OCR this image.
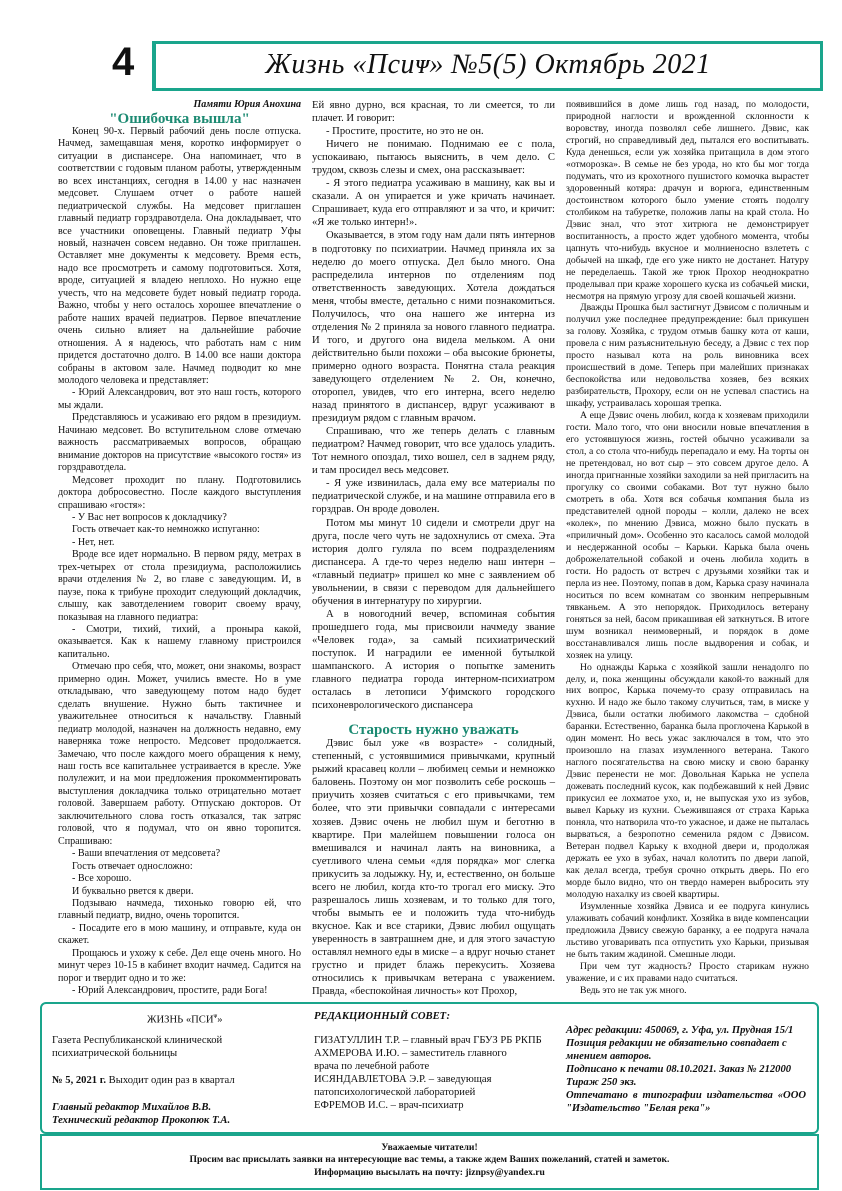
4	Жизнь «Псиᴪ» №5(5) Октябрь 2021
Памяти Юрия Анохина

"Ошибочка вышла"

Конец 90-х. Первый рабочий день после отпуска. Начмед, замещавшая меня, коротко информирует о ситуации в диспансере. Она напоминает, что в соответствии с годовым планом работы, утвержденным во всех инстанциях, сегодня в 14.00 у нас назначен медсовет. Слушаем отчет о работе нашей педиатрической службы. На медсовет приглашен главный педиатр горздравотдела. Она докладывает, что все участники оповещены. Главный педиатр Уфы новый, назначен совсем недавно. Он тоже приглашен. Оставляет мне документы к медсовету. Время есть, надо все просмотреть и самому подготовиться. Хотя, вроде, ситуацией я владею неплохо. Но нужно еще учесть, что на медсовете будет новый педиатр города. Важно, чтобы у него осталось хорошее впечатление о работе наших врачей педиатров. Первое впечатление очень сильно влияет на дальнейшие рабочие отношения. А я надеюсь, что работать нам с ним придется достаточно долго. В 14.00 все наши доктора собраны в актовом зале. Начмед подводит ко мне молодого человека и представляет:

- Юрий Александрович, вот это наш гость, которого мы ждали.

Представляюсь и усаживаю его рядом в президиум. Начинаю медсовет. Во вступительном слове отмечаю важность рассматриваемых вопросов, обращаю внимание докторов на присутствие «высокого гостя» из горздравотдела.

Медсовет проходит по плану. Подготовились доктора добросовестно. После каждого выступления спрашиваю «гостя»:

- У Вас нет вопросов к докладчику?

Гость отвечает как-то немножко испуганно:

- Нет, нет.

Вроде все идет нормально. В первом ряду, метрах в трех-четырех от стола президиума, расположились врачи отделения № 2, во главе с заведующим. И, в паузе, пока к трибуне проходит следующий докладчик, слышу, как завотделением говорит своему врачу, показывая на главного педиатра:

- Смотри, тихий, тихий, а проныра какой, оказывается. Как к нашему главному пристроился капитально.

Отмечаю про себя, что, может, они знакомы, возраст примерно один. Может, учились вместе. Но в уме откладываю, что заведующему потом надо будет сделать внушение. Нужно быть тактичнее и уважительнее относиться к начальству. Главный педиатр молодой, назначен на должность недавно, ему наверняка тоже непросто. Медсовет продолжается. Замечаю, что после каждого моего обращения к нему, наш гость все капитальнее устраивается в кресле. Уже полулежит, и на мои предложения прокомментировать выступления докладчика только отрицательно мотает головой. Завершаем работу. Отпускаю докторов. От заключительного слова гость отказался, так затряс головой, что я подумал, что он явно торопится. Спрашиваю:

- Ваши впечатления от медсовета?

Гость отвечает односложно:

- Все хорошо.

И буквально рвется к двери.

Подзываю начмеда, тихонько говорю ей, что главный педиатр, видно, очень торопится.

- Посадите его в мою машину, и отправьте, куда он скажет.

Прощаюсь и ухожу к себе. Дел еще очень много. Но минут через 10-15 в кабинет входит начмед. Садится на порог и твердит одно и то же:

- Юрий Александрович, простите, ради Бога!

Ей явно дурно, вся красная, то ли смеется, то ли плачет. И говорит:

- Простите, простите, но это не он.

Ничего не понимаю. Поднимаю ее с пола, успокаиваю, пытаюсь выяснить, в чем дело. С трудом, сквозь слезы и смех, она рассказывает:

- Я этого педиатра усаживаю в машину, как вы и сказали. А он упирается и уже кричать начинает. Спрашивает, куда его отправляют и за что, и кричит: «Я же только интерн!».

Оказывается, в этом году нам дали пять интернов в подготовку по психиатрии. Начмед приняла их за неделю до моего отпуска. Дел было много. Она распределила интернов по отделениям под ответственность заведующих. Хотела дождаться меня, чтобы вместе, детально с ними познакомиться. Получилось, что она нашего же интерна из отделения № 2 приняла за нового главного педиатра. И того, и другого она видела мельком. А они действительно были похожи – оба высокие брюнеты, примерно одного возраста. Понятна стала реакция заведующего отделением № 2. Он, конечно, оторопел, увидев, что его интерна, всего неделю назад принятого в диспансер, вдруг усаживают в президиум рядом с главным врачом.

Спрашиваю, что же теперь делать с главным педиатром? Начмед говорит, что все удалось уладить. Тот немного опоздал, тихо вошел, сел в заднем ряду, и там просидел весь медсовет.

- Я уже извинилась, дала ему все материалы по педиатрической службе, и на машине отправила его в горздрав. Он вроде доволен.

Потом мы минут 10 сидели и смотрели друг на друга, после чего чуть не задохнулись от смеха. Эта история долго гуляла по всем подразделениям диспансера. А где-то через неделю наш интерн – «главный педиатр» пришел ко мне с заявлением об увольнении, в связи с переводом для дальнейшего обучения в интернатуру по хирургии.

А в новогодний вечер, вспоминая события прошедшего года, мы присвоили начмеду звание «Человек года», за самый психиатрический поступок. И наградили ее именной бутылкой шампанского. А история о попытке заменить главного педиатра города интерном-психиатром осталась в летописи Уфимского городского психоневрологического диспансера

Старость нужно уважать

Дэвис был уже «в возрасте» - солидный, степенный, с устоявшимися привычками, крупный рыжий красавец колли – любимец семьи и немножко баловень. Поэтому он мог позволить себе роскошь – приучить хозяев считаться с его привычками, тем более, что эти привычки совпадали с интересами хозяев. Дэвис очень не любил шум и беготню в квартире. При малейшем повышении голоса он вмешивался и начинал лаять на виновника, а суетливого члена семьи «для порядка» мог слегка прикусить за лодыжку. Ну, и, естественно, он больше всего не любил, когда кто-то трогал его миску. Это разрешалось лишь хозяевам, и то только для того, чтобы вымыть ее и положить туда что-нибудь вкусное. Как и все старики, Дэвис любил ощущать уверенность в завтрашнем дне, и для этого зачастую оставлял немного еды в миске – а вдруг ночью станет грустно и придет блажь перекусить. Хозяева относились к привычкам ветерана с уважением. Правда, «беспокойная личность» кот Прохор,

появившийся в доме лишь год назад, по молодости, природной наглости и врожденной склонности к воровству, иногда позволял себе лишнего. Дэвис, как строгий, но справедливый дед, пытался его воспитывать. Куда денешься, если уж хозяйка притащила в дом этого «отморозка». В семье не без урода, но кто бы мог тогда подумать, что из крохотного пушистого комочка вырастет здоровенный котяра: драчун и ворюга, единственным достоинством которого было умение стоять подолгу столбиком на табуретке, положив лапы на край стола. Но Дэвис знал, что этот хитрюга не демонстрирует воспитанность, а просто ждет удобного момента, чтобы цапнуть что-нибудь вкусное и молниеносно взлететь с добычей на шкаф, где его уже никто не достанет. Натуру не переделаешь. Такой же трюк Прохор неоднократно проделывал при краже хорошего куска из собачьей миски, несмотря на прямую угрозу для своей кошачьей жизни.

Дважды Прошка был застигнут Дэвисом с поличным и получил уже последнее предупреждение: был прикушен за голову. Хозяйка, с трудом отмыв башку кота от каши, провела с ним разъяснительную беседу, а Дэвис с тех пор просто называл кота на роль виновника всех происшествий в доме. Теперь при малейших признаках беспокойства или недовольства хозяев, без всяких разбирательств, Прохору, если он не успевал спастись на шкафу, устраивалась хорошая трепка.

А еще Дэвис очень любил, когда к хозяевам приходили гости. Мало того, что они вносили новые впечатления в его устоявшуюся жизнь, гостей обычно усаживали за стол, а со стола что-нибудь перепадало и ему. На торты он не претендовал, но вот сыр – это совсем другое дело. А иногда пригнанные хозяйки заходили за ней пригласить на прогулку со своими собаками. Вот тут нужно было смотреть в оба. Хотя вся собачья компания была из представителей одной породы – колли, далеко не всех «колек», по мнению Дэвиса, можно было пускать в «приличный дом». Особенно это касалось самой молодой и несдержанной особы – Карьки. Карька была очень доброжелательной собакой и очень любила ходить в гости. Но радость от встреч с друзьями хозяйки так и перла из нее. Поэтому, попав в дом, Карька сразу начинала носиться по всем комнатам со звонким непрерывным тявканьем. А это непорядок. Приходилось ветерану гоняться за ней, басом прикашивая ей заткнуться. В итоге шум возникал неимоверный, и порядок в доме восстанавливался лишь после выдворения и собак, и хозяек на улицу.

Но однажды Карька с хозяйкой зашли ненадолго по делу, и, пока женщины обсуждали какой-то важный для них вопрос, Карька почему-то сразу отправилась на кухню. И надо же было такому случиться, там, в миске у Дэвиса, были остатки любимого лакомства – сдобной баранки. Естественно, баранка была проглочена Карькой в один момент. Но весь ужас заключался в том, что это произошло на глазах изумленного ветерана. Такого наглого посягательства на свою миску и свою баранку Дэвис перенести не мог. Довольная Карька не успела дожевать последний кусок, как подбежавший к ней Дэвис прикусил ее лохматое ухо, и, не выпуская ухо из зубов, вывел Карьку из кухни. Съежившаяся от страха Карька поняла, что натворила что-то ужасное, и даже не пыталась вырваться, а безропотно семенила рядом с Дэвисом. Ветеран подвел Карьку к входной двери и, продолжая держать ее ухо в зубах, начал колотить по двери лапой, как делал всегда, требуя срочно открыть дверь. По его морде было видно, что он твердо намерен выбросить эту молодую нахалку из своей квартиры.

Изумленные хозяйка Дэвиса и ее подруга кинулись улаживать собачий конфликт. Хозяйка в виде компенсации предложила Дэвису свежую баранку, а ее подруга начала льстиво уговаривать пса отпустить ухо Карьки, призывая не быть таким жадиной. Смешные люди.

При чем тут жадность? Просто старикам нужно уважение, и с их правами надо считаться.

Ведь это не так уж много.

ЖИЗНЬ «$ПСИ^ᴪ$»
Газета Республиканской клинической психиатрической больницы
№ 5, 2021 г. Выходит один раз в квартал
Главный редактор Михайлов В.В.
Технический редактор Прокопюк Т.А.
РЕДАКЦИОННЫЙ СОВЕТ:
ГИЗАТУЛЛИН Т.Р. – главный врач ГБУЗ РБ РКПБ
АХМЕРОВА И.Ю. – заместитель главного врача по лечебной работе
ИСЯНДАВЛЕТОВА Э.Р. – заведующая патопсихологической лабораторией
ЕФРЕМОВ И.С. – врач-психиатр
Адрес редакции: 450069, г. Уфа, ул. Прудная 15/1
Позиция редакции не обязательно совпадает с мнением авторов.
Подписано к печати 08.10.2021. Заказ № 212000
Тираж 250 экз.
Отпечатано в типографии издательства «ООО "Издательство "Белая река"»
Уважаемые читатели!
Просим вас присылать заявки на интересующие вас темы, а также ждем Ваших пожеланий, статей и заметок.
Информацию высылать на почту: jiznpsy@yandex.ru
